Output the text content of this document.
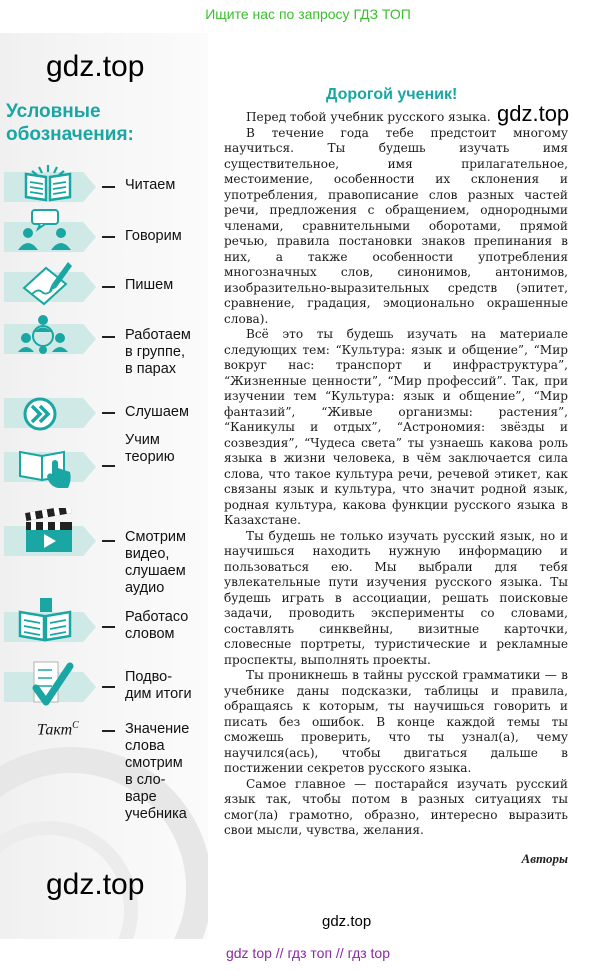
Ищите нас по запросу ГДЗ ТОП
gdz.top
Условные
обозначения:
Читаем
Говорим
Пишем
Работаем
в группе,
в парах
Слушаем
Учим
теорию
Смотрим
видео,
слушаем
аудио
Работасо
словом
Подво-
дим итоги
Такт$^С$	Значение
слова
смотрим
в сло-
варе
учебника
gdz.top
Дорогой ученик!
gdz.top

Перед тобой учебник русского языка.

В течение года тебе предстоит многому научиться. Ты будешь изучать имя существительное, имя прилагательное, местоимение, особенности их склонения и употребления, правописание слов разных частей речи, предложения с обращением, однородными членами, сравнительными оборотами, прямой речью, правила постановки знаков препинания в них, а также особенности употребления многозначных слов, синонимов, антонимов, изобразительно-выразительных средств (эпитет, сравнение, градация, эмоционально окрашенные слова).

Всё это ты будешь изучать на материале следующих тем: “Культура: язык и общение”, “Мир вокруг нас: транспорт и инфраструктура”, “Жизненные ценности”, “Мир профессий”. Так, при изучении тем “Культура: язык и общение”, “Мир фантазий”, “Живые организмы: растения”, “Каникулы и отдых”, “Астрономия: звёзды и созвездия”, “Чудеса света” ты узнаешь какова роль языка в жизни человека, в чём заключается сила слова, что такое культура речи, речевой этикет, как связаны язык и культура, что значит родной язык, родная культура, какова функции русского языка в Казахстане.

Ты будешь не только изучать русский язык, но и научишься находить нужную информацию и пользоваться ею. Мы выбрали для тебя увлекательные пути изучения русского языка. Ты будешь играть в ассоциации, решать поисковые задачи, проводить эксперименты со словами, составлять синквейны, визитные карточки, словесные портреты, туристические и рекламные проспекты, выполнять проекты.

Ты проникнешь в тайны русской грамматики — в учебнике даны подсказки, таблицы и правила, обращаясь к которым, ты научишься говорить и писать без ошибок. В конце каждой темы ты сможешь проверить, что ты узнал(а), чему научился(ась), чтобы двигаться дальше в постижении секретов русского языка.

Самое главное — постарайся изучать русский язык так, чтобы потом в разных ситуациях ты смог(ла) грамотно, образно, интересно выразить свои мысли, чувства, желания.

Авторы
gdz.top
gdz top // гдз топ // гдз top
